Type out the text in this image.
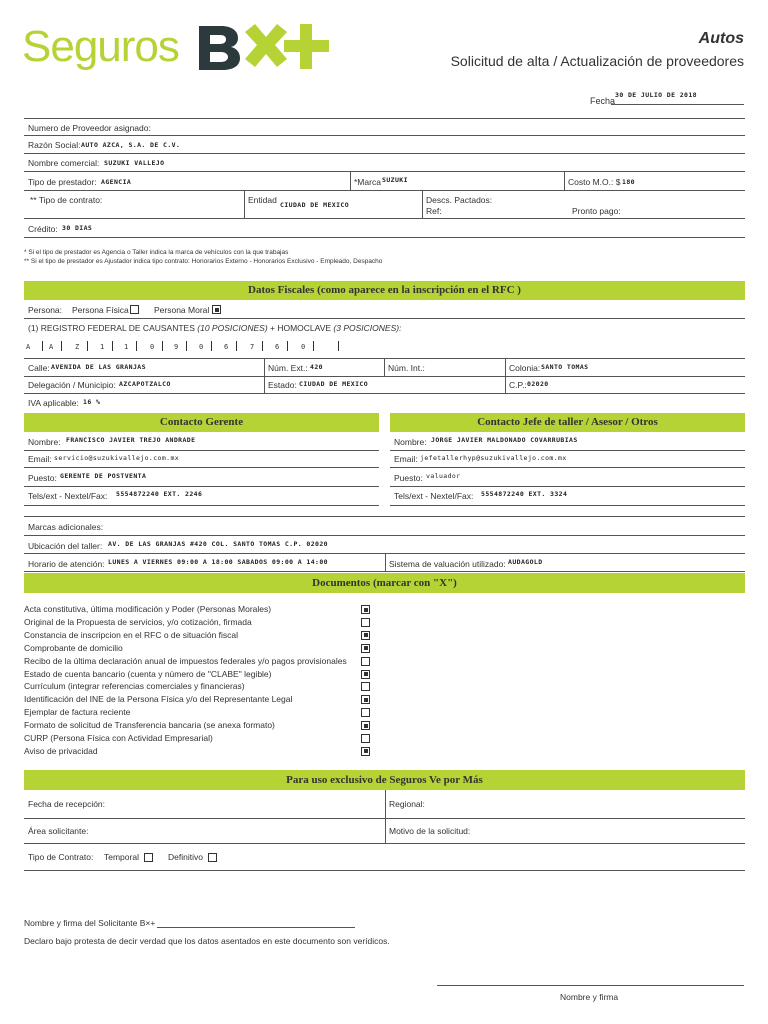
Seguros	Autos
Solicitud de alta / Actualización de proveedores
Fecha
30 DE JULIO DE 2018
Numero de Proveedor asignado:
Razón Social: AUTO AZCA, S.A. DE C.V.
Nombre comercial: SUZUKI VALLEJO
Tipo de prestador: AGENCIA	*Marca SUZUKI	Costo M.O.: $ 180
** Tipo de contrato:	Entidad CIUDAD DE MEXICO	Descs. Pactados:
Ref:	Pronto pago:
Crédito: 30 DIAS
* Si el tipo de prestador es Agencia o Taller indica la marca de vehículos con la que trabajas
** Si el tipo de prestador es Ajustador indica tipo contrato: Honorarios Externo - Honorarios Exclusivo - Empleado, Despacho
Datos Fiscales (como aparece en la inscripción en el RFC )
Persona: Persona Física	Persona Moral
(1) REGISTRO FEDERAL DE CAUSANTES (10 POSICIONES) + HOMOCLAVE (3 POSICIONES):
A	A	Z	1	1	0	9	0	6	7	6	0
Calle: AVENIDA DE LAS GRANJAS	Núm. Ext.: 420	Núm. Int.:	Colonia: SANTO TOMAS
Delegación / Municipio: AZCAPOTZALCO	Estado: CIUDAD DE MEXICO	C.P.: 02020
IVA aplicable: 16 %
Contacto Gerente	Contacto Jefe de taller / Asesor / Otros
Nombre: FRANCISCO JAVIER TREJO ANDRADE
Email: servicio@suzukivallejo.com.mx
Puesto: GERENTE DE POSTVENTA
Tels/ext - Nextel/Fax: 5554872240 EXT. 2246
Nombre: JORGE JAVIER MALDONADO COVARRUBIAS
Email: jefetallerhyp@suzukivallejo.com.mx
Puesto: valuador
Tels/ext - Nextel/Fax: 5554872240 EXT. 3324
Marcas adicionales:
Ubicación del taller: AV. DE LAS GRANJAS #420 COL. SANTO TOMAS C.P. 02020
Horario de atención: LUNES A VIERNES 09:00 A 18:00 SABADOS 09:00 A 14:00	Sistema de valuación utilizado: AUDAGOLD
Documentos (marcar con "X")
Acta constitutiva, última modificación y Poder (Personas Morales)
Original de la Propuesta de servicios, y/o cotización, firmada
Constancia de inscripcion en el RFC o de situación fiscal
Comprobante de domicilio
Recibo de la última declaración anual de impuestos federales y/o pagos provisionales
Estado de cuenta bancario (cuenta y número de "CLABE" legible)
Currículum (integrar referencias comerciales y financieras)
Identificación del INE de la Persona Física y/o del Representante Legal
Ejemplar de factura reciente
Formato de solicitud de Transferencia bancaria (se anexa formato)
CURP (Persona Física con Actividad Empresarial)
Aviso de privacidad
Para uso exclusivo de Seguros Ve por Más
Fecha de recepción:	Regional:
Área solicitante:	Motivo de la solicitud:
Tipo de Contrato: Temporal	Definitivo
Nombre y firma del Solicitante B×+
Declaro bajo protesta de decir verdad que los datos asentados en este documento son verídicos.
Nombre y firma
